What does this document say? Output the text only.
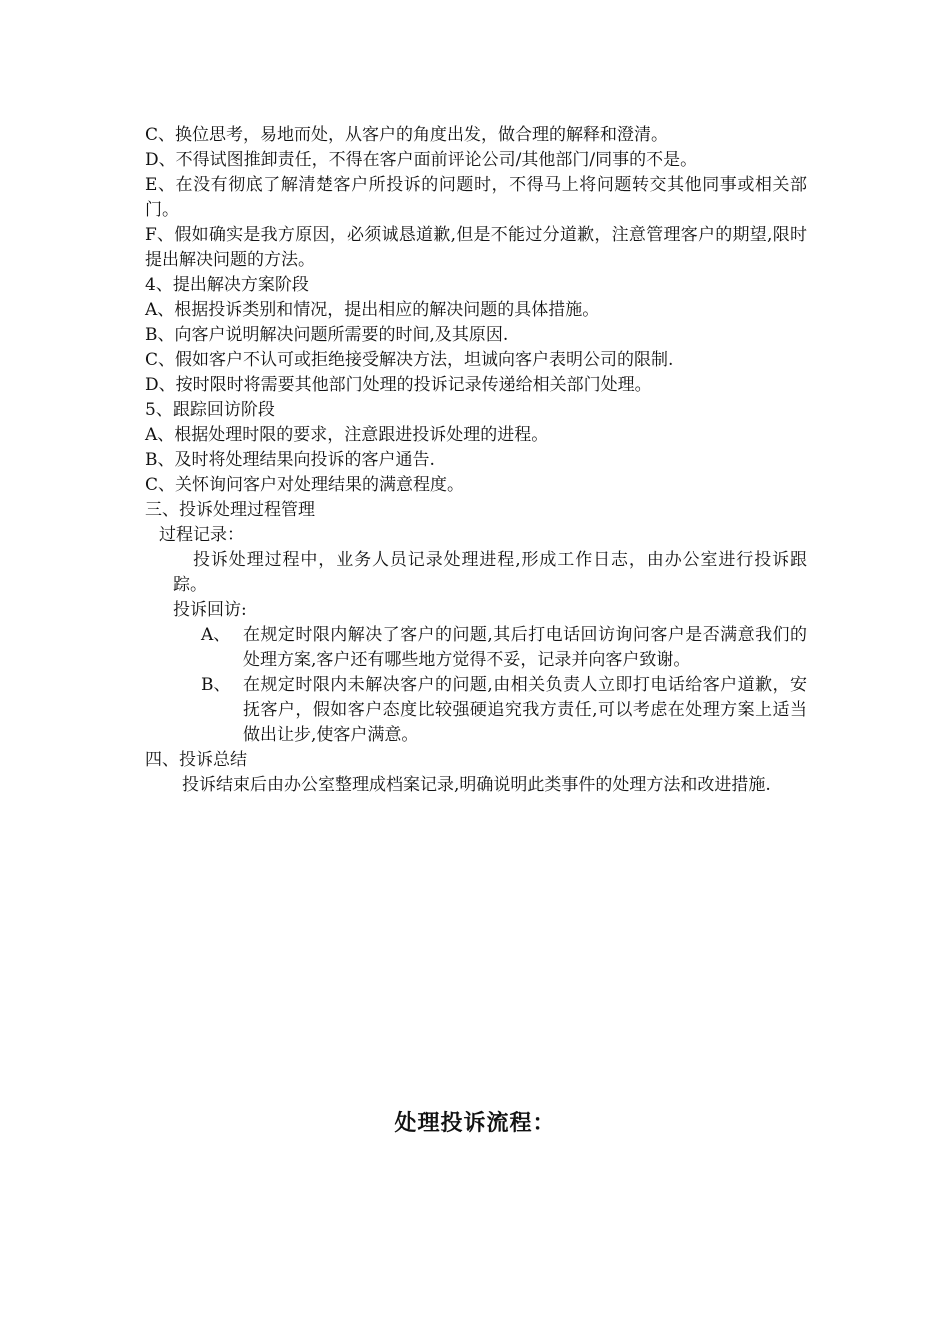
C、换位思考，易地而处，从客户的角度出发，做合理的解释和澄清。

D、不得试图推卸责任，不得在客户面前评论公司/其他部门/同事的不是。

E、在没有彻底了解清楚客户所投诉的问题时，不得马上将问题转交其他同事或相关部门。

F、假如确实是我方原因，必须诚恳道歉,但是不能过分道歉，注意管理客户的期望,限时提出解决问题的方法。

4、提出解决方案阶段

A、根据投诉类别和情况，提出相应的解决问题的具体措施。

B、向客户说明解决问题所需要的时间,及其原因.

C、假如客户不认可或拒绝接受解决方法，坦诚向客户表明公司的限制.

D、按时限时将需要其他部门处理的投诉记录传递给相关部门处理。

5、跟踪回访阶段

A、根据处理时限的要求，注意跟进投诉处理的进程。

B、及时将处理结果向投诉的客户通告.

C、关怀询问客户对处理结果的满意程度。

三、投诉处理过程管理

过程记录：

投诉处理过程中，业务人员记录处理进程,形成工作日志，由办公室进行投诉跟踪。

投诉回访:

A、 在规定时限内解决了客户的问题,其后打电话回访询问客户是否满意我们的处理方案,客户还有哪些地方觉得不妥，记录并向客户致谢。
B、 在规定时限内未解决客户的问题,由相关负责人立即打电话给客户道歉，安抚客户，假如客户态度比较强硬追究我方责任,可以考虑在处理方案上适当做出让步,使客户满意。

四、投诉总结

投诉结束后由办公室整理成档案记录,明确说明此类事件的处理方法和改进措施.

处理投诉流程：
